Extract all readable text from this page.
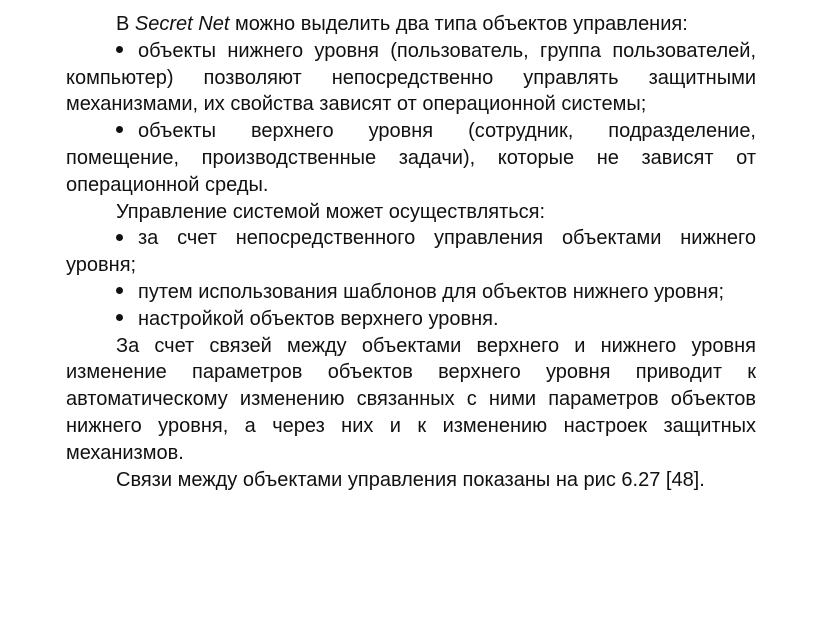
В Secret Net можно выделить два типа объектов управления:

объекты нижнего уровня (пользователь, группа пользователей, компьютер) позволяют непосредственно управлять защитными механизмами, их свойства зависят от операционной системы;

объекты верхнего уровня (сотрудник, подразделение, помещение, производственные задачи), которые не зависят от операционной среды.

Управление системой может осуществляться:

за счет непосредственного управления объектами нижнего уровня;

путем использования шаблонов для объектов нижнего уровня;

настройкой объектов верхнего уровня.

За счет связей между объектами верхнего и нижнего уровня изменение параметров объектов верхнего уровня приводит к автоматическому изменению связанных с ними параметров объектов нижнего уровня, а через них и к изменению настроек защитных механизмов.

Связи между объектами управления показаны на рис 6.27 [48].
